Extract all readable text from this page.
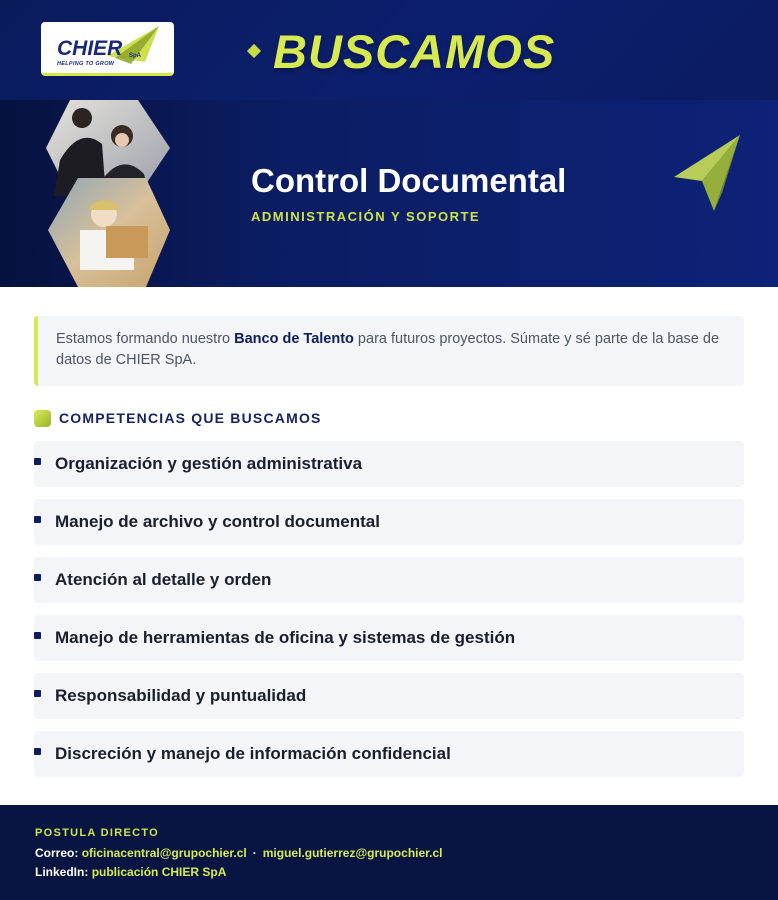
CHIER SpA
HELPING TO GROW	BUSCAMOS
Control Documental
ADMINISTRACIÓN Y SOPORTE
Estamos formando nuestro Banco de Talento para futuros proyectos. Súmate y sé parte de la base de datos de CHIER SpA.
COMPETENCIAS QUE BUSCAMOS
Organización y gestión administrativa
Manejo de archivo y control documental
Atención al detalle y orden
Manejo de herramientas de oficina y sistemas de gestión
Responsabilidad y puntualidad
Discreción y manejo de información confidencial
POSTULA DIRECTO
Correo: oficinacentral@grupochier.cl · miguel.gutierrez@grupochier.cl
LinkedIn: publicación CHIER SpA
